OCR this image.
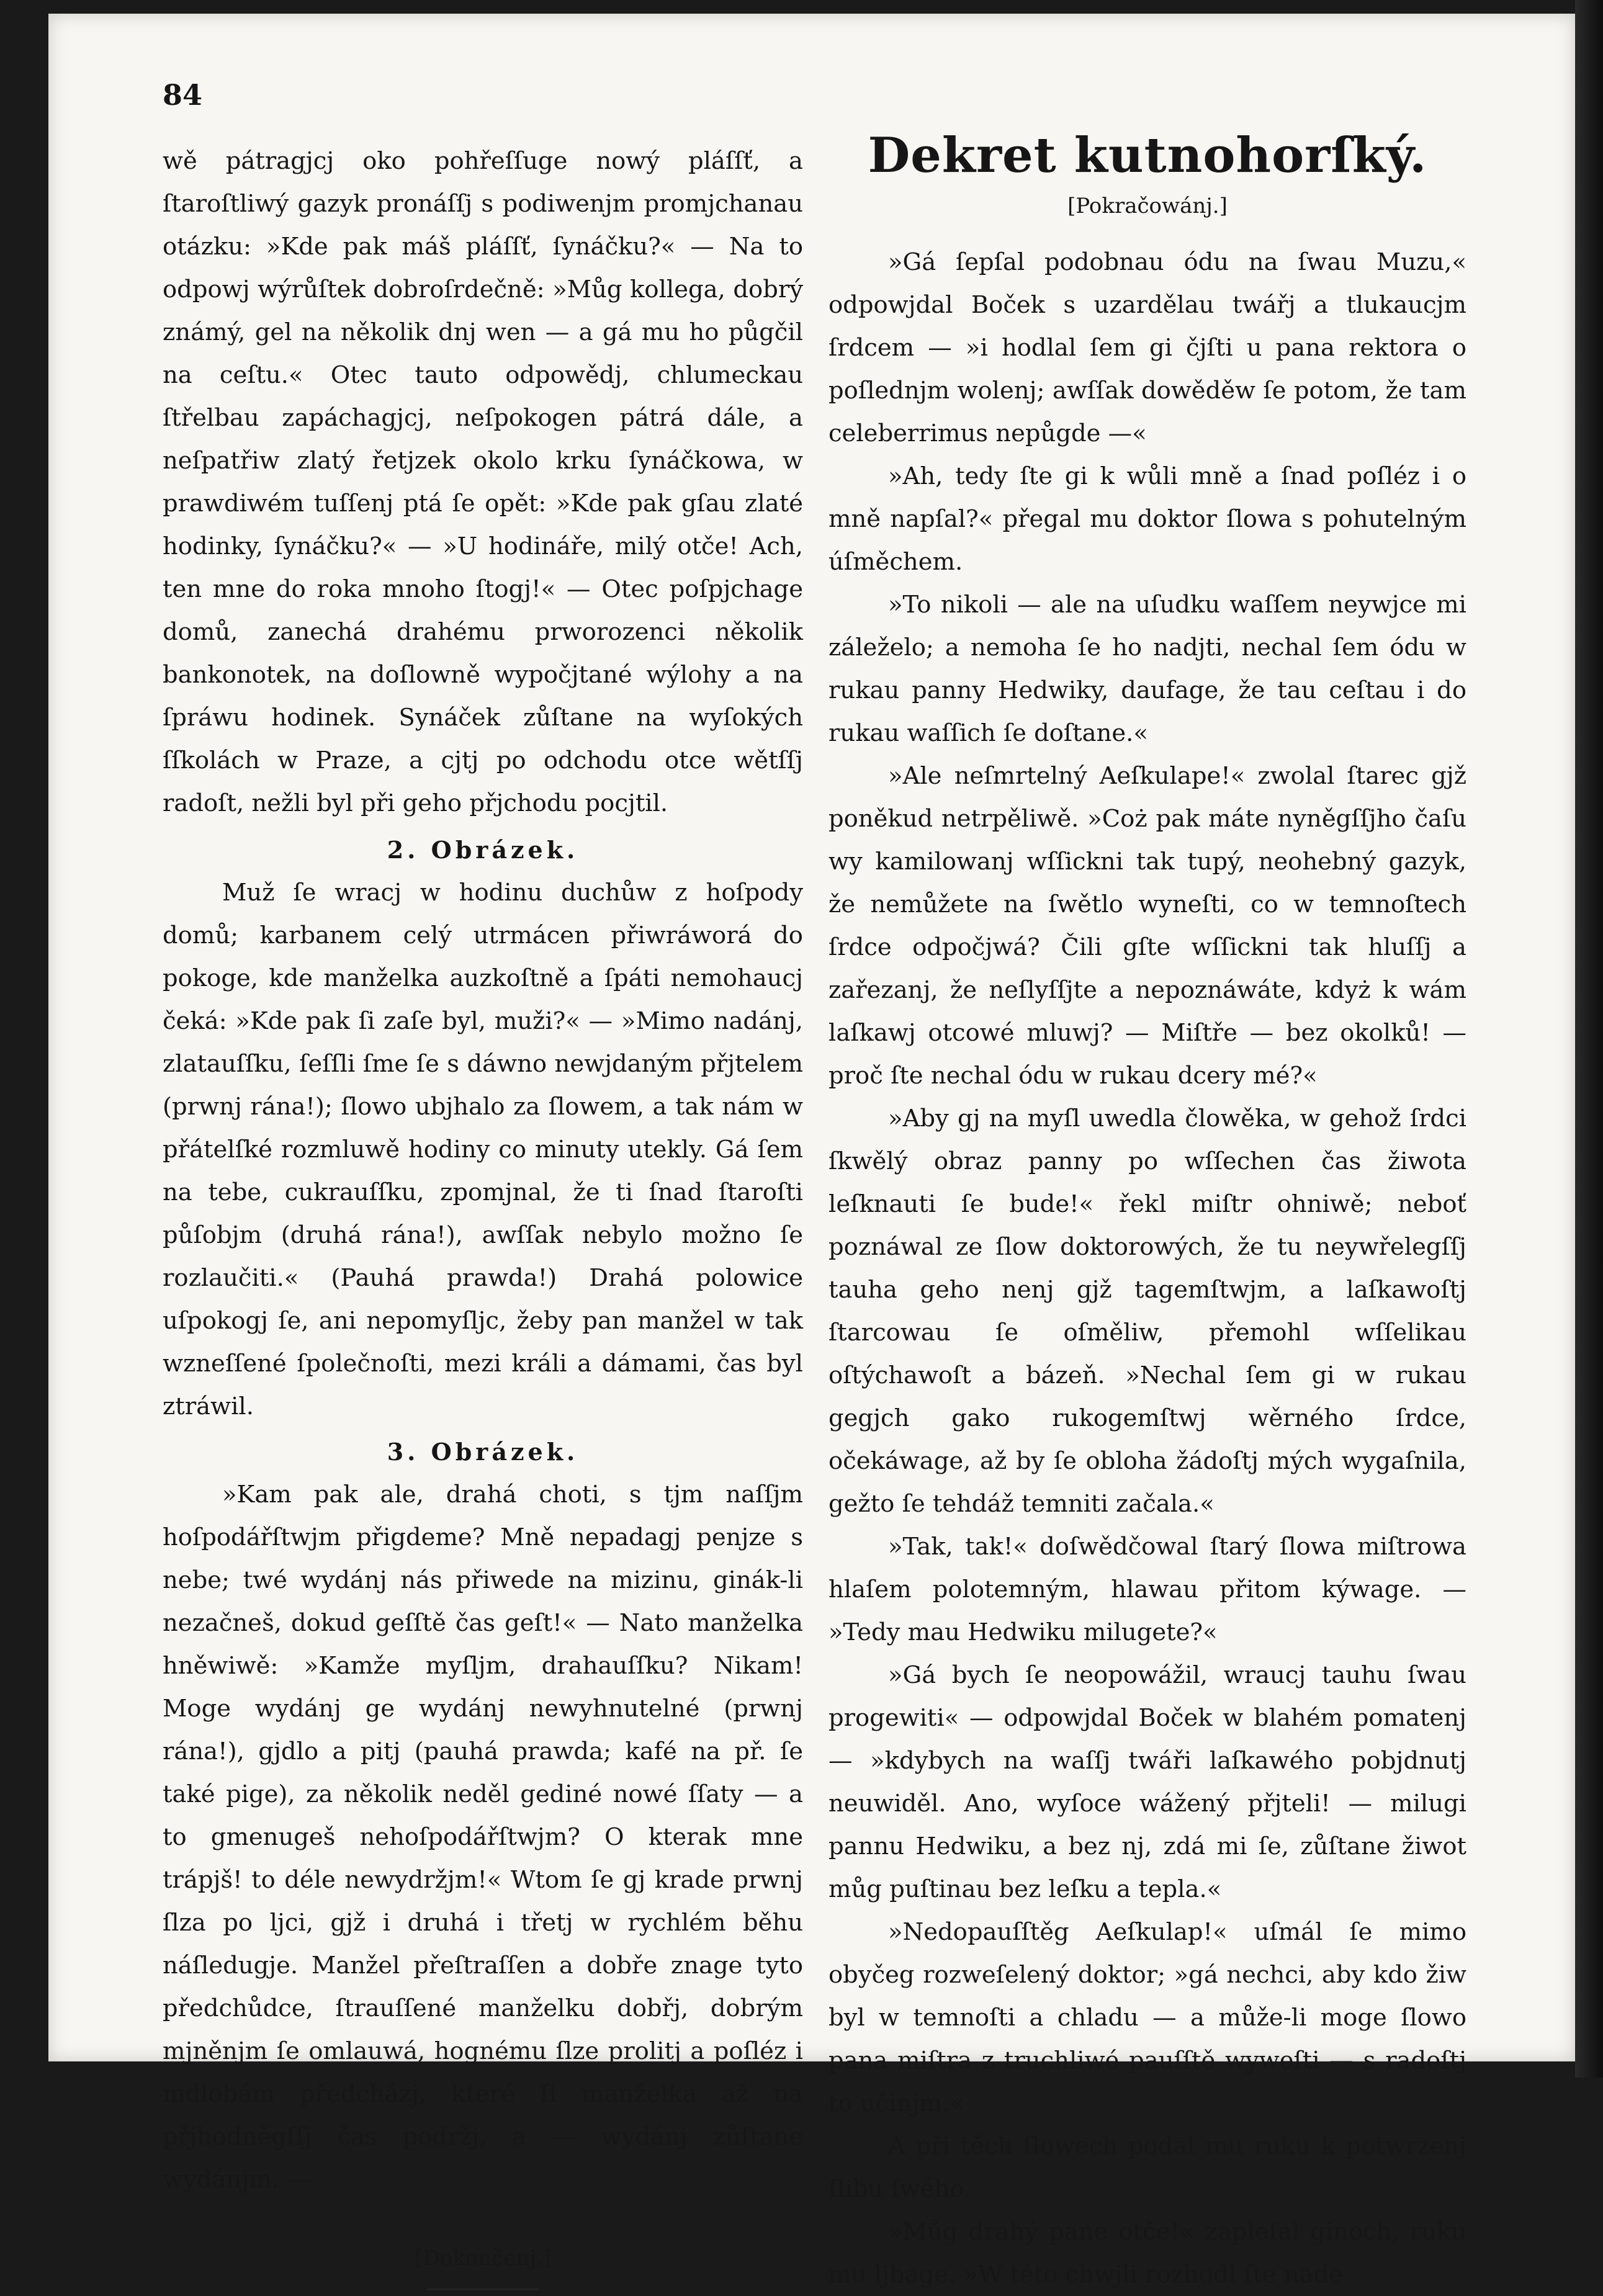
84

wě pátragjcj oko pohřeſſuge nowý pláſſť, a ſtaroſtliwý gazyk pronáſſj s podiwenjm promjchanau otázku: »Kde pak máš pláſſť, ſynáčku?« — Na to odpowj wýrůſtek dobroſrdečně: »Můg kollega, dobrý známý, gel na několik dnj wen — a gá mu ho půgčil na ceſtu.« Otec tauto odpowědj, chlumeckau ſtřelbau zapáchagjcj, neſpokogen pátrá dále, a neſpatřiw zlatý řetjzek okolo krku ſynáčkowa, w prawdiwém tuſſenj ptá ſe opět: »Kde pak gſau zlaté hodinky, ſynáčku?« — »U hodináře, milý otče! Ach, ten mne do roka mnoho ſtogj!« — Otec poſpjchage domů, zanechá drahému prworozenci několik bankonotek, na doſlowně wypočjtané wýlohy a na ſpráwu hodinek. Synáček zůſtane na wyſokých ſſkolách w Praze, a cjtj po odchodu otce wětſſj radoſt, nežli byl při geho přjchodu pocjtil.

2. Obrázek.

Muž ſe wracj w hodinu duchůw z hoſpody domů; karbanem celý utrmácen přiwráworá do pokoge, kde manželka auzkoſtně a ſpáti nemohaucj čeká: »Kde pak ſi zaſe byl, muži?« — »Mimo nadánj, zlatauſſku, ſeſſli ſme ſe s dáwno newjdaným přjtelem (prwnj rána!); ſlowo ubjhalo za ſlowem, a tak nám w přátelſké rozmluwě hodiny co minuty utekly. Gá ſem na tebe, cukrauſſku, zpomjnal, že ti ſnad ſtaroſti půſobjm (druhá rána!), awſſak nebylo možno ſe rozlaučiti.« (Pauhá prawda!) Drahá polowice uſpokogj ſe, ani nepomyſljc, žeby pan manžel w tak wzneſſené ſpolečnoſti, mezi králi a dámami, čas byl ztráwil.

3. Obrázek.

»Kam pak ale, drahá choti, s tjm naſſjm hoſpodářſtwjm přigdeme? Mně nepadagj penjze s nebe; twé wydánj nás přiwede na mizinu, ginák-li nezačneš, dokud geſſtě čas geſt!« — Nato manželka hněwiwě: »Kamže myſljm, drahauſſku? Nikam! Moge wydánj ge wydánj newyhnutelné (prwnj rána!), gjdlo a pitj (pauhá prawda; kafé na př. ſe také pige), za několik neděl gediné nowé ſſaty — a to gmenugeš nehoſpodářſtwjm? O kterak mne trápjš! to déle newydržjm!« Wtom ſe gj krade prwnj ſlza po ljci, gjž i druhá i třetj w rychlém běhu náſledugje. Manžel přeſtraſſen a dobře znage tyto předchůdce, ſtrauſſené manželku dobřj, dobrým mjněnjm ſe omlauwá, hognému ſlze prolitj a poſléz i mdlobám předcházj, které ſi manželka až na přjhodněgſſj čas podržj, a — wydánj zůſtane wydánjm. —

[Dokončenj.]
Dekret kutnohorſký.
[Pokračowánj.]

»Gá ſepſal podobnau ódu na ſwau Muzu,« odpowjdal Boček s uzardělau twářj a tlukaucjm ſrdcem — »i hodlal ſem gi čjſti u pana rektora o poſlednjm wolenj; awſſak dowěděw ſe potom, že tam celeberrimus nepůgde —«

»Ah, tedy ſte gi k wůli mně a ſnad poſléz i o mně napſal?« přegal mu doktor ſlowa s pohutelným úſměchem.

»To nikoli — ale na uſudku waſſem neywjce mi záleželo; a nemoha ſe ho nadjti, nechal ſem ódu w rukau panny Hedwiky, daufage, že tau ceſtau i do rukau waſſich ſe doſtane.«

»Ale neſmrtelný Aeſkulape!« zwolal ſtarec gjž poněkud netrpěliwě. »Coż pak máte nyněgſſjho čaſu wy kamilowanj wſſickni tak tupý, neohebný gazyk, že nemůžete na ſwětlo wyneſti, co w temnoſtech ſrdce odpočjwá? Čili gſte wſſickni tak hluſſj a zařezanj, že neſlyſſjte a nepoznáwáte, kdyż k wám laſkawj otcowé mluwj? — Miſtře — bez okolků! — proč ſte nechal ódu w rukau dcery mé?«

»Aby gj na myſl uwedla člowěka, w gehož ſrdci ſkwělý obraz panny po wſſechen čas žiwota leſknauti ſe bude!« řekl miſtr ohniwě; neboť poznáwal ze ſlow doktorowých, že tu neywřelegſſj tauha geho nenj gjž tagemſtwjm, a laſkawoſtj ſtarcowau ſe oſměliw, přemohl wſſelikau oſtýchawoſt a bázeň. »Nechal ſem gi w rukau gegjch gako rukogemſtwj wěrného ſrdce, očekáwage, až by ſe obloha žádoſtj mých wygaſnila, gežto ſe tehdáž temniti začala.«

»Tak, tak!« doſwědčowal ſtarý ſlowa miſtrowa hlaſem polotemným, hlawau přitom kýwage. — »Tedy mau Hedwiku milugete?«

»Gá bych ſe neopowážil, wraucj tauhu ſwau progewiti« — odpowjdal Boček w blahém pomatenj — »kdybych na waſſj twáři laſkawého pobjdnutj neuwiděl. Ano, wyſoce wážený přjteli! — milugi pannu Hedwiku, a bez nj, zdá mi ſe, zůſtane žiwot můg puſtinau bez leſku a tepla.«

»Nedopauſſtěg Aeſkulap!« uſmál ſe mimo obyčeg rozweſelený doktor; »gá nechci, aby kdo žiw byl w temnoſti a chladu — a může-li moge ſlowo pana miſtra z truchliwé pauſſtě wyweſti — s radoſtj to učinjm.«

A při těch ſlowech podal mu ruku k potwrzenj ſlibu ſwého.

»Můg drahý pane otče!« zapleſal ginoch, ruku mu ljbage. »W této chwjli rozhodl ſte nade
